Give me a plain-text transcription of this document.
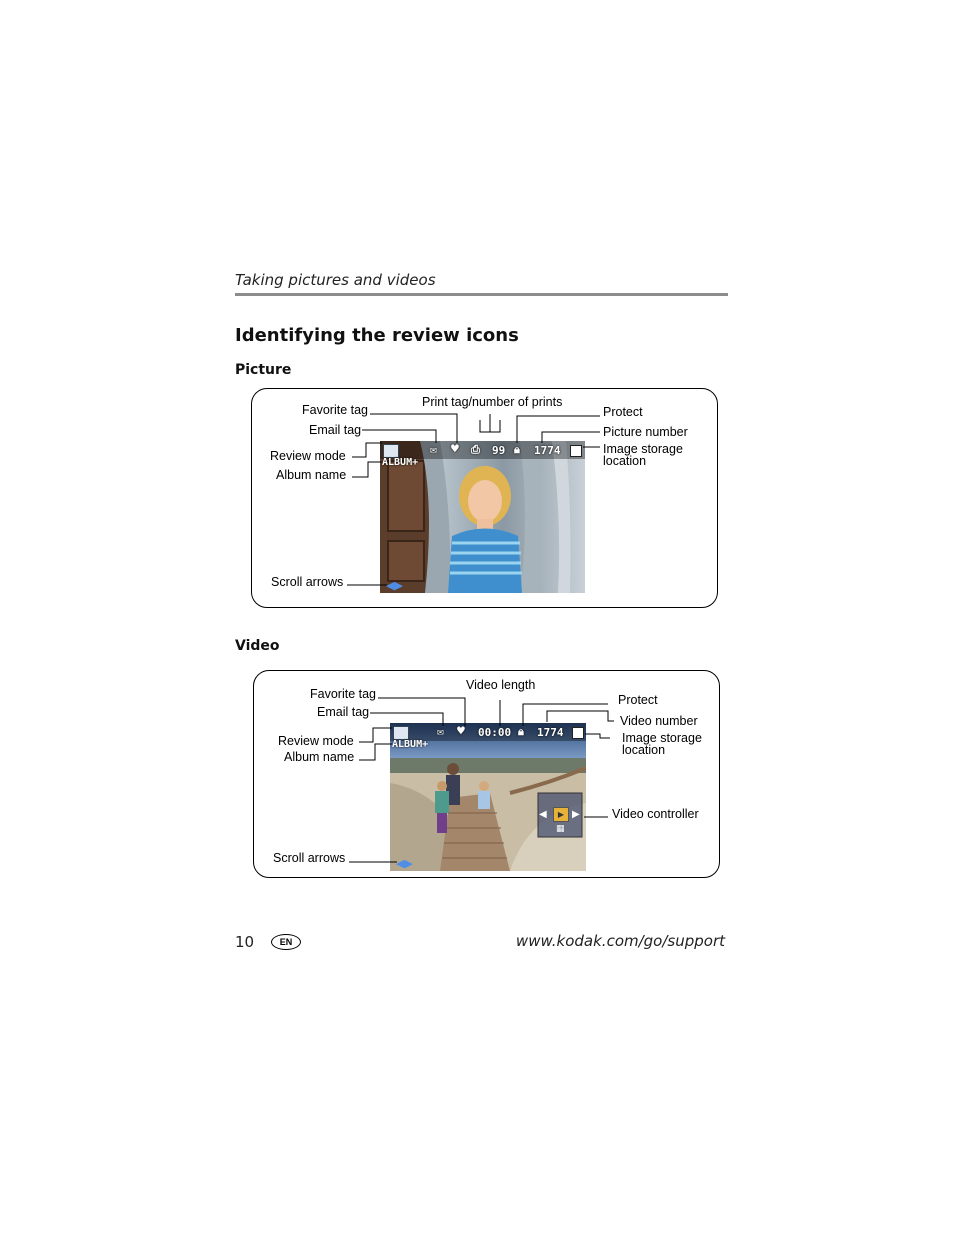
Taking pictures and videos
Identifying the review icons
Picture
ALBUM+
✉ ♥ ⎙ 99 🔒︎ 1774
◀▶
Favorite tag
Email tag
Print tag/number of prints
Protect
Picture number
Image storage
location
Review mode
Album name
Scroll arrows
Video
ALBUM+
✉ ♥ 00:00 🔒︎ 1774
◀	▶ ▶
▦
◀▶
Favorite tag
Email tag
Video length
Protect
Video number
Image storage
location
Review mode
Album name
Video controller
Scroll arrows
10	EN	www.kodak.com/go/support
